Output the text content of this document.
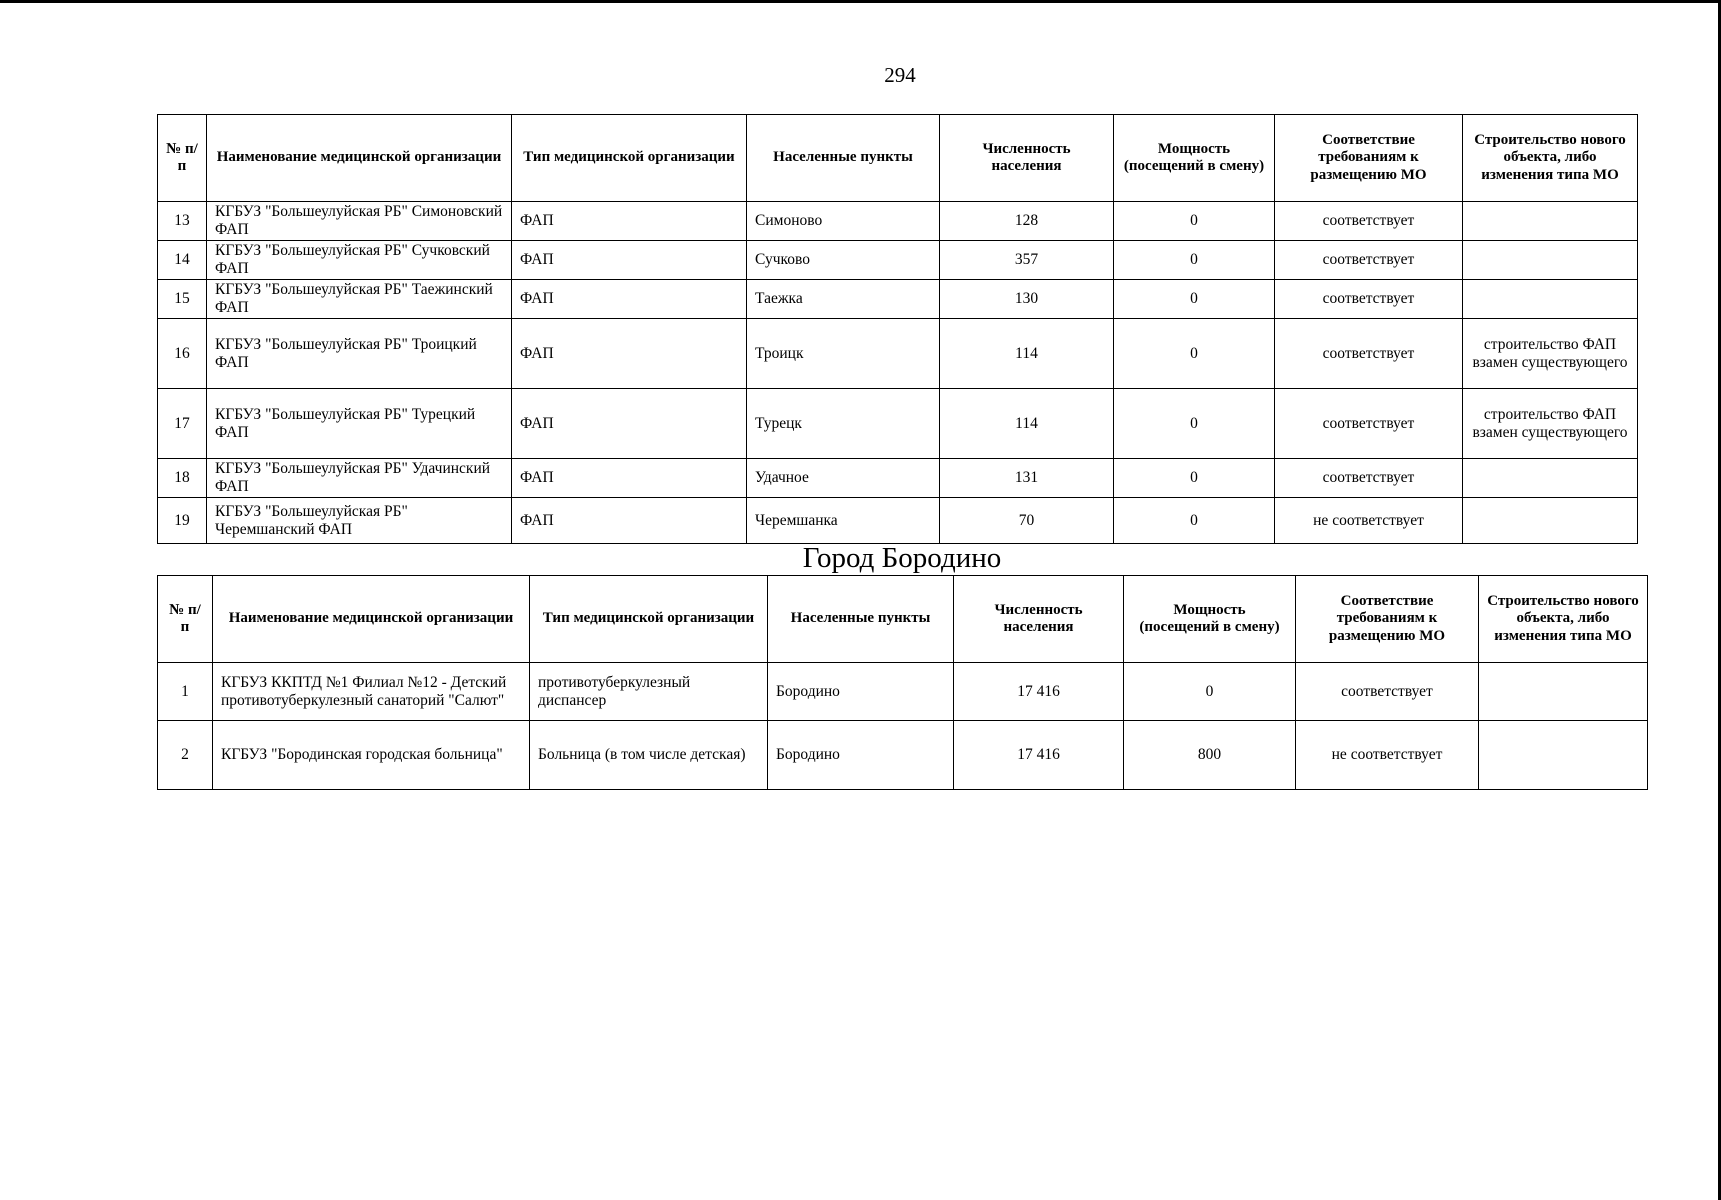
294
№ п/п	Наименование медицинской организации	Тип медицинской организации	Населенные пункты	Численность населения	Мощность (посещений в смену)	Соответствие требованиям к размещению МО	Строительство нового объекта, либо изменения типа МО
13	КГБУЗ "Большеулуйская РБ" Симоновский ФАП	ФАП	Симоново	128	0	соответствует	
14	КГБУЗ "Большеулуйская РБ" Сучковский ФАП	ФАП	Сучково	357	0	соответствует	
15	КГБУЗ "Большеулуйская РБ" Таежинский ФАП	ФАП	Таежка	130	0	соответствует	
16	КГБУЗ "Большеулуйская РБ" Троицкий ФАП	ФАП	Троицк	114	0	соответствует	строительство ФАП взамен существующего
17	КГБУЗ "Большеулуйская РБ" Турецкий ФАП	ФАП	Турецк	114	0	соответствует	строительство ФАП взамен существующего
18	КГБУЗ "Большеулуйская РБ" Удачинский ФАП	ФАП	Удачное	131	0	соответствует	
19	КГБУЗ "Большеулуйская РБ" Черемшанский ФАП	ФАП	Черемшанка	70	0	не соответствует	
Город Бородино
№ п/п	Наименование медицинской организации	Тип медицинской организации	Населенные пункты	Численность населения	Мощность (посещений в смену)	Соответствие требованиям к размещению МО	Строительство нового объекта, либо изменения типа МО
1	КГБУЗ ККПТД №1 Филиал №12 - Детский противотуберкулезный санаторий "Салют"	противотуберкулезный диспансер	Бородино	17 416	0	соответствует	
2	КГБУЗ "Бородинская городская больница"	Больница (в том числе детская)	Бородино	17 416	800	не соответствует	
